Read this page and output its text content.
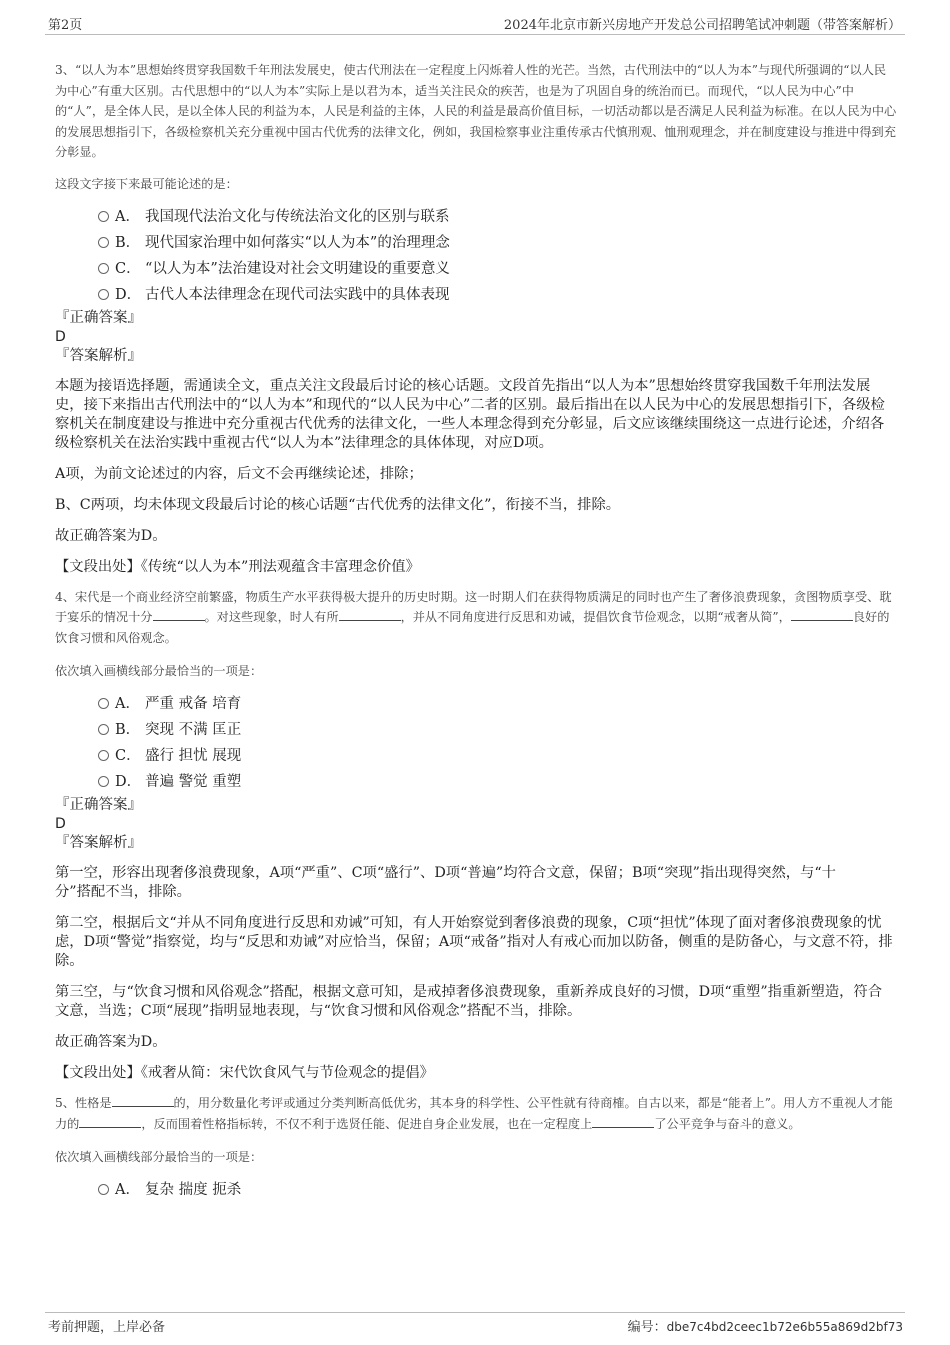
第2页	2024年北京市新兴房地产开发总公司招聘笔试冲刺题（带答案解析）

3、“以人为本”思想始终贯穿我国数千年刑法发展史，使古代刑法在一定程度上闪烁着人性的光芒。当然，古代刑法中的“以人为本”与现代所强调的“以人民为中心”有重大区别。古代思想中的“以人为本”实际上是以君为本，适当关注民众的疾苦，也是为了巩固自身的统治而已。而现代，“以人民为中心”中的“人”，是全体人民，是以全体人民的利益为本，人民是利益的主体，人民的利益是最高价值目标，一切活动都以是否满足人民利益为标准。在以人民为中心的发展思想指引下，各级检察机关充分重视中国古代优秀的法律文化，例如，我国检察事业注重传承古代慎刑观、恤刑观理念，并在制度建设与推进中得到充分彰显。

这段文字接下来最可能论述的是：

A． 我国现代法治文化与传统法治文化的区别与联系
B． 现代国家治理中如何落实“以人为本”的治理理念
C． “以人为本”法治建设对社会文明建设的重要意义
D． 古代人本法律理念在现代司法实践中的具体表现

『正确答案』

D

『答案解析』

本题为接语选择题，需通读全文，重点关注文段最后讨论的核心话题。文段首先指出“以人为本”思想始终贯穿我国数千年刑法发展史，接下来指出古代刑法中的“以人为本”和现代的“以人民为中心”二者的区别。最后指出在以人民为中心的发展思想指引下，各级检察机关在制度建设与推进中充分重视古代优秀的法律文化，一些人本理念得到充分彰显，后文应该继续围绕这一点进行论述，介绍各级检察机关在法治实践中重视古代“以人为本”法律理念的具体体现，对应D项。

A项，为前文论述过的内容，后文不会再继续论述，排除；

B、C两项，均未体现文段最后讨论的核心话题“古代优秀的法律文化”，衔接不当，排除。

故正确答案为D。

【文段出处】《传统“以人为本”刑法观蕴含丰富理念价值》

4、宋代是一个商业经济空前繁盛，物质生产水平获得极大提升的历史时期。这一时期人们在获得物质满足的同时也产生了奢侈浪费现象，贪图物质享受、耽于宴乐的情况十分	。对这些现象，时人有所	，并从不同角度进行反思和劝诫，提倡饮食节俭观念，以期“戒奢从简”，	良好的饮食习惯和风俗观念。

依次填入画横线部分最恰当的一项是：

A． 严重 戒备 培育
B． 突现 不满 匡正
C． 盛行 担忧 展现
D． 普遍 警觉 重塑

『正确答案』

D

『答案解析』

第一空，形容出现奢侈浪费现象，A项“严重”、C项“盛行”、D项“普遍”均符合文意，保留；B项“突现”指出现得突然，与“十分”搭配不当，排除。

第二空，根据后文“并从不同角度进行反思和劝诫”可知，有人开始察觉到奢侈浪费的现象，C项“担忧”体现了面对奢侈浪费现象的忧虑，D项“警觉”指察觉，均与“反思和劝诫”对应恰当，保留；A项“戒备”指对人有戒心而加以防备，侧重的是防备心，与文意不符，排除。

第三空，与“饮食习惯和风俗观念”搭配，根据文意可知，是戒掉奢侈浪费现象，重新养成良好的习惯，D项“重塑”指重新塑造，符合文意，当选；C项“展现”指明显地表现，与“饮食习惯和风俗观念”搭配不当，排除。

故正确答案为D。

【文段出处】《戒奢从简：宋代饮食风气与节俭观念的提倡》

5、性格是	的，用分数量化考评或通过分类判断高低优劣，其本身的科学性、公平性就有待商榷。自古以来，都是“能者上”。用人方不重视人才能力的	，反而围着性格指标转，不仅不利于选贤任能、促进自身企业发展，也在一定程度上	了公平竞争与奋斗的意义。

依次填入画横线部分最恰当的一项是：

A． 复杂 揣度 扼杀
考前押题，上岸必备	编号：dbe7c4bd2ceec1b72e6b55a869d2bf73
